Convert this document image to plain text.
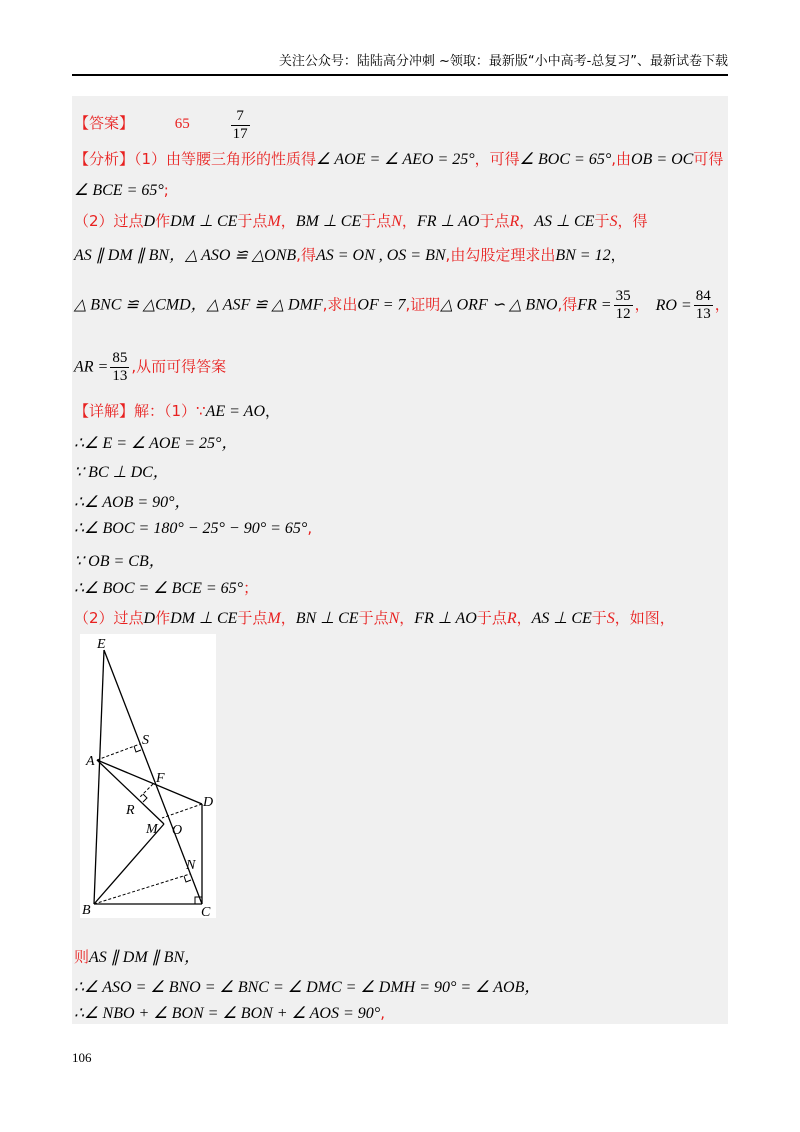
关注公众号：陆陆高分冲刺 ~领取：最新版“小中高考-总复习”、最新试卷下载
【答案】	65	$\frac{7}{17}$
【分析】（1）由等腰三角形的性质得∠ AOE = ∠ AEO = 25°，可得∠ BOC = 65°,由OB = OC可得
∠ BCE = 65°;
（2）过点D作DM ⊥ CE于点M，BM ⊥ CE于点N，FR ⊥ AO于点R，AS ⊥ CE于S，得
AS ∥ DM ∥ BN，△ ASO ≌ △ONB,得AS = ON , OS = BN,由勾股定理求出BN = 12，
△ BNC ≌ △CMD，△ ASF ≌ △ DMF,求出OF = 7,证明△ ORF ∽ △ BNO,得FR = $\frac{35}{12}$ ， RO = $\frac{84}{13}$ ，
AR = $\frac{85}{13}$ ,从而可得答案
【详解】解：（1）∵AE = AO，
∴∠ E = ∠ AOE = 25°，
∵ BC ⊥ DC，
∴∠ AOB = 90°，
∴∠ BOC = 180° − 25° − 90° = 65°,
∵ OB = CB，
∴∠ BOC = ∠ BCE = 65°；
（2）过点D作DM ⊥ CE于点M，BN ⊥ CE于点N，FR ⊥ AO于点R，AS ⊥ CE于S，如图，
E
S
A
F
D
R
M O
N
B	C
则AS ∥ DM ∥ BN，
∴∠ ASO = ∠ BNO = ∠ BNC = ∠ DMC = ∠ DMH = 90° = ∠ AOB，
∴∠ NBO + ∠ BON = ∠ BON + ∠ AOS = 90°,
106
